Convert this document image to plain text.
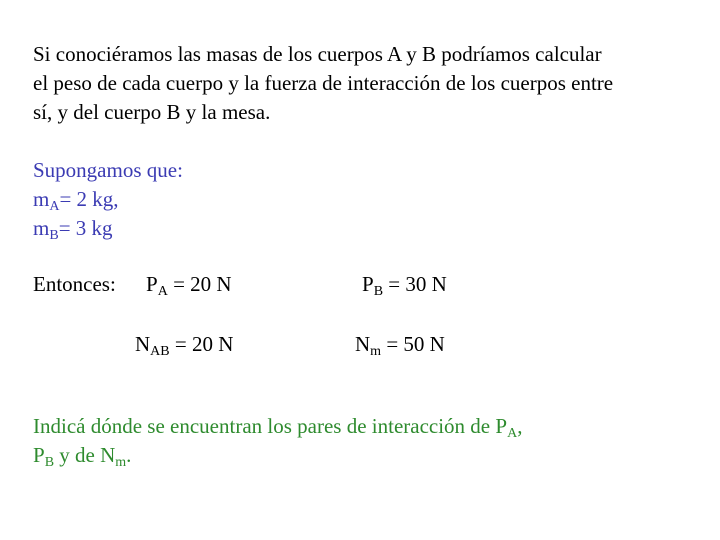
Si conociéramos las masas de los cuerpos A y B podríamos calcular
el peso de cada cuerpo y la fuerza de interacción de los cuerpos entre
sí, y del cuerpo B y la mesa.
Supongamos que:
$m_A= 2$ kg,
$m_B= 3$ kg
Entonces: $P_A = 20$ N	$P_B = 30$ N
$N_{AB} = 20$ N	$N_m = 50$ N
Indicá dónde se encuentran los pares de interacción de $P_A$,
$P_B$ y de $N_m$.
